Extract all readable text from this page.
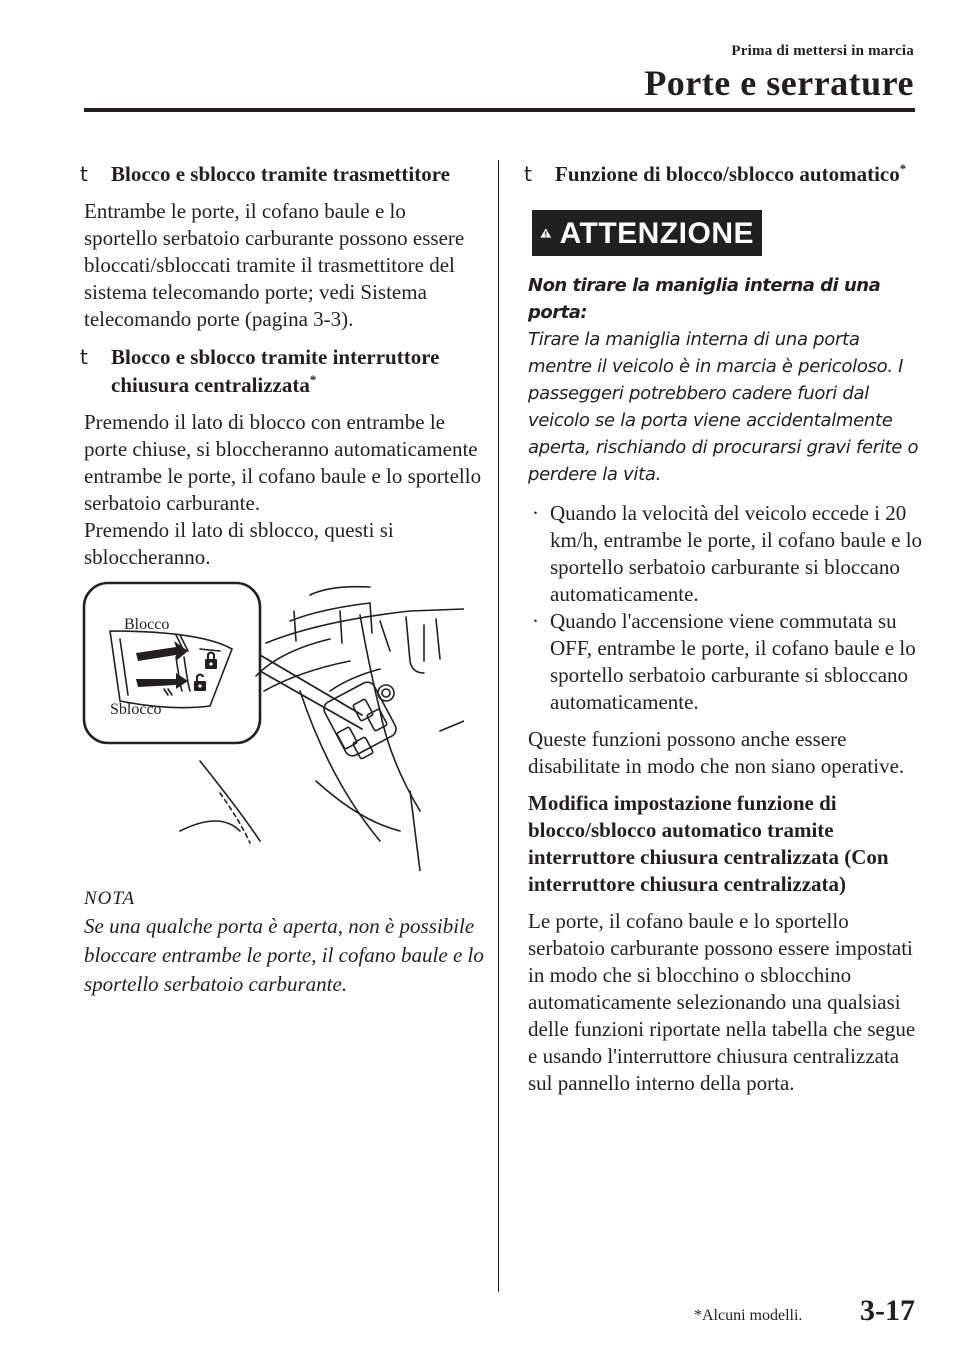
Prima di mettersi in marcia
Porte e serrature
t Blocco e sblocco tramite trasmettitore

Entrambe le porte, il cofano baule e lo sportello serbatoio carburante possono essere bloccati/sbloccati tramite il trasmettitore del sistema telecomando porte; vedi Sistema telecomando porte (pagina 3-3).

t Blocco e sblocco tramite interruttore chiusura centralizzata*

Premendo il lato di blocco con entrambe le porte chiuse, si bloccheranno automaticamente entrambe le porte, il cofano baule e lo sportello serbatoio carburante.

Premendo il lato di sblocco, questi si sbloccheranno.

Blocco
Sblocco
NOTA
Se una qualche porta è aperta, non è possibile bloccare entrambe le porte, il cofano baule e lo sportello serbatoio carburante.
t Funzione di blocco/sblocco automatico*
ATTENZIONE
Non tirare la maniglia interna di una porta:
Tirare la maniglia interna di una porta mentre il veicolo è in marcia è pericoloso. I passeggeri potrebbero cadere fuori dal veicolo se la porta viene accidentalmente aperta, rischiando di procurarsi gravi ferite o perdere la vita.
· Quando la velocità del veicolo eccede i 20 km/h, entrambe le porte, il cofano baule e lo sportello serbatoio carburante si bloccano automaticamente.
· Quando l'accensione viene commutata su OFF, entrambe le porte, il cofano baule e lo sportello serbatoio carburante si sbloccano automaticamente.

Queste funzioni possono anche essere disabilitate in modo che non siano operative.

Modifica impostazione funzione di blocco/sblocco automatico tramite interruttore chiusura centralizzata (Con interruttore chiusura centralizzata)

Le porte, il cofano baule e lo sportello serbatoio carburante possono essere impostati in modo che si blocchino o sblocchino automaticamente selezionando una qualsiasi delle funzioni riportate nella tabella che segue e usando l'interruttore chiusura centralizzata sul pannello interno della porta.

*Alcuni modelli.	3-17
